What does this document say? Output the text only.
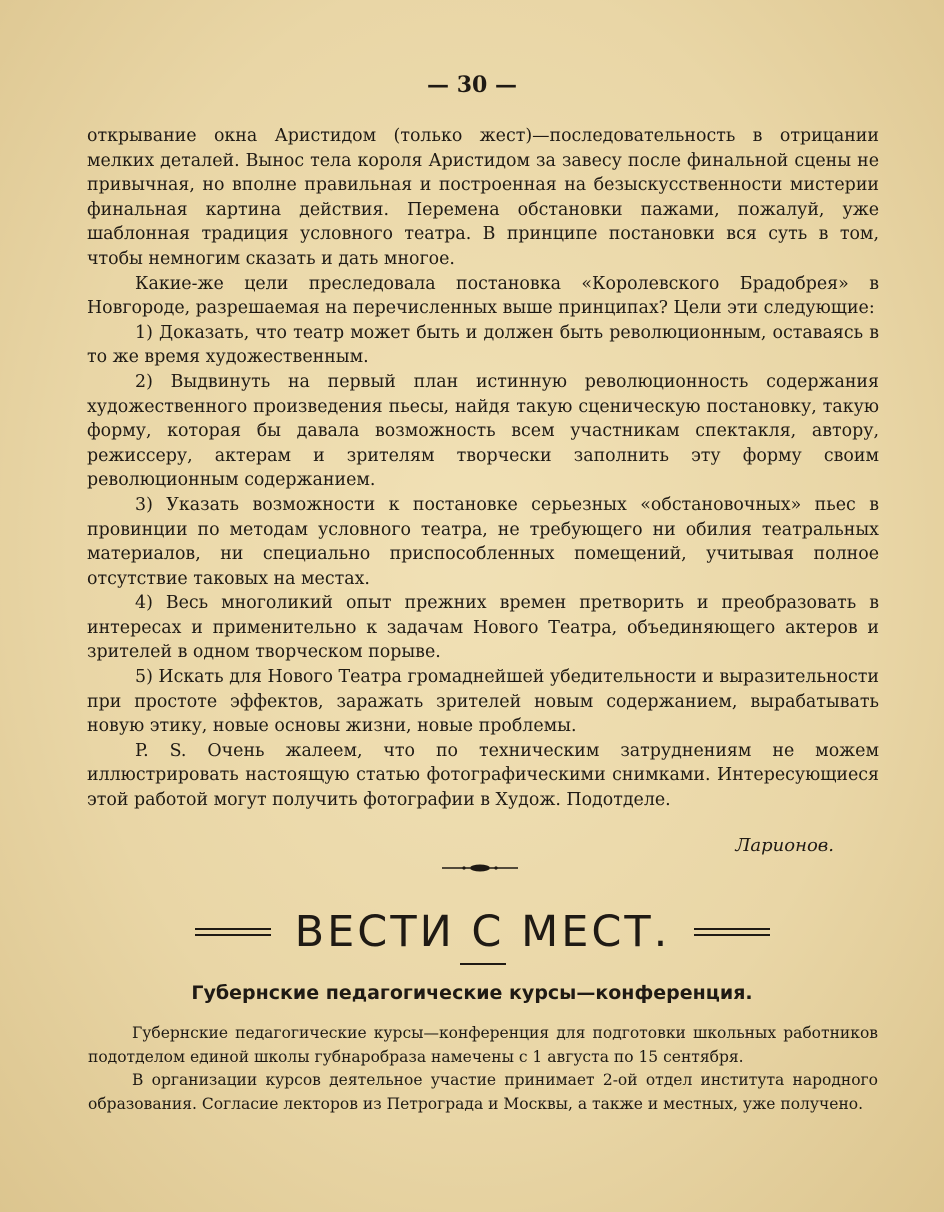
— 30 —

открывание окна Аристидом (только жест)—последовательность в отрицании мелких деталей. Вынос тела короля Аристидом за завесу после финальной сцены не привычная, но вполне правильная и построенная на безыскусственности мистерии финальная картина действия. Перемена обстановки пажами, пожалуй, уже шаблонная традиция условного театра. В принципе постановки вся суть в том, чтобы немногим сказать и дать многое.

Какие-же цели преследовала постановка «Королевского Брадобрея» в Новгороде, разрешаемая на перечисленных выше принципах? Цели эти следующие:

1) Доказать, что театр может быть и должен быть революционным, оставаясь в то же время художественным.

2) Выдвинуть на первый план истинную революционность содержания художественного произведения пьесы, найдя такую сценическую постановку, такую форму, которая бы давала возможность всем участникам спектакля, автору, режиссеру, актерам и зрителям творчески заполнить эту форму своим революционным содержанием.

3) Указать возможности к постановке серьезных «обстановочных» пьес в провинции по методам условного театра, не требующего ни обилия театральных материалов, ни специально приспособленных помещений, учитывая полное отсутствие таковых на местах.

4) Весь многоликий опыт прежних времен претворить и преобразовать в интересах и применительно к задачам Нового Театра, объединяющего актеров и зрителей в одном творческом порыве.

5) Искать для Нового Театра громаднейшей убедительности и выразительности при простоте эффектов, заражать зрителей новым содержанием, вырабатывать новую этику, новые основы жизни, новые проблемы.

P. S. Очень жалеем, что по техническим затруднениям не можем иллюстрировать настоящую статью фотографическими снимками. Интересующиеся этой работой могут получить фотографии в Худож. Подотделе.

Ларионов.
ВЕСТИ С МЕСТ.
Губернские педагогические курсы—конференция.

Губернские педагогические курсы—конференция для подготовки школьных работников подотделом единой школы губнаробраза намечены с 1 августа по 15 сентября.

В организации курсов деятельное участие принимает 2-ой отдел института народного образования. Согласие лекторов из Петрограда и Москвы, а также и местных, уже получено.
